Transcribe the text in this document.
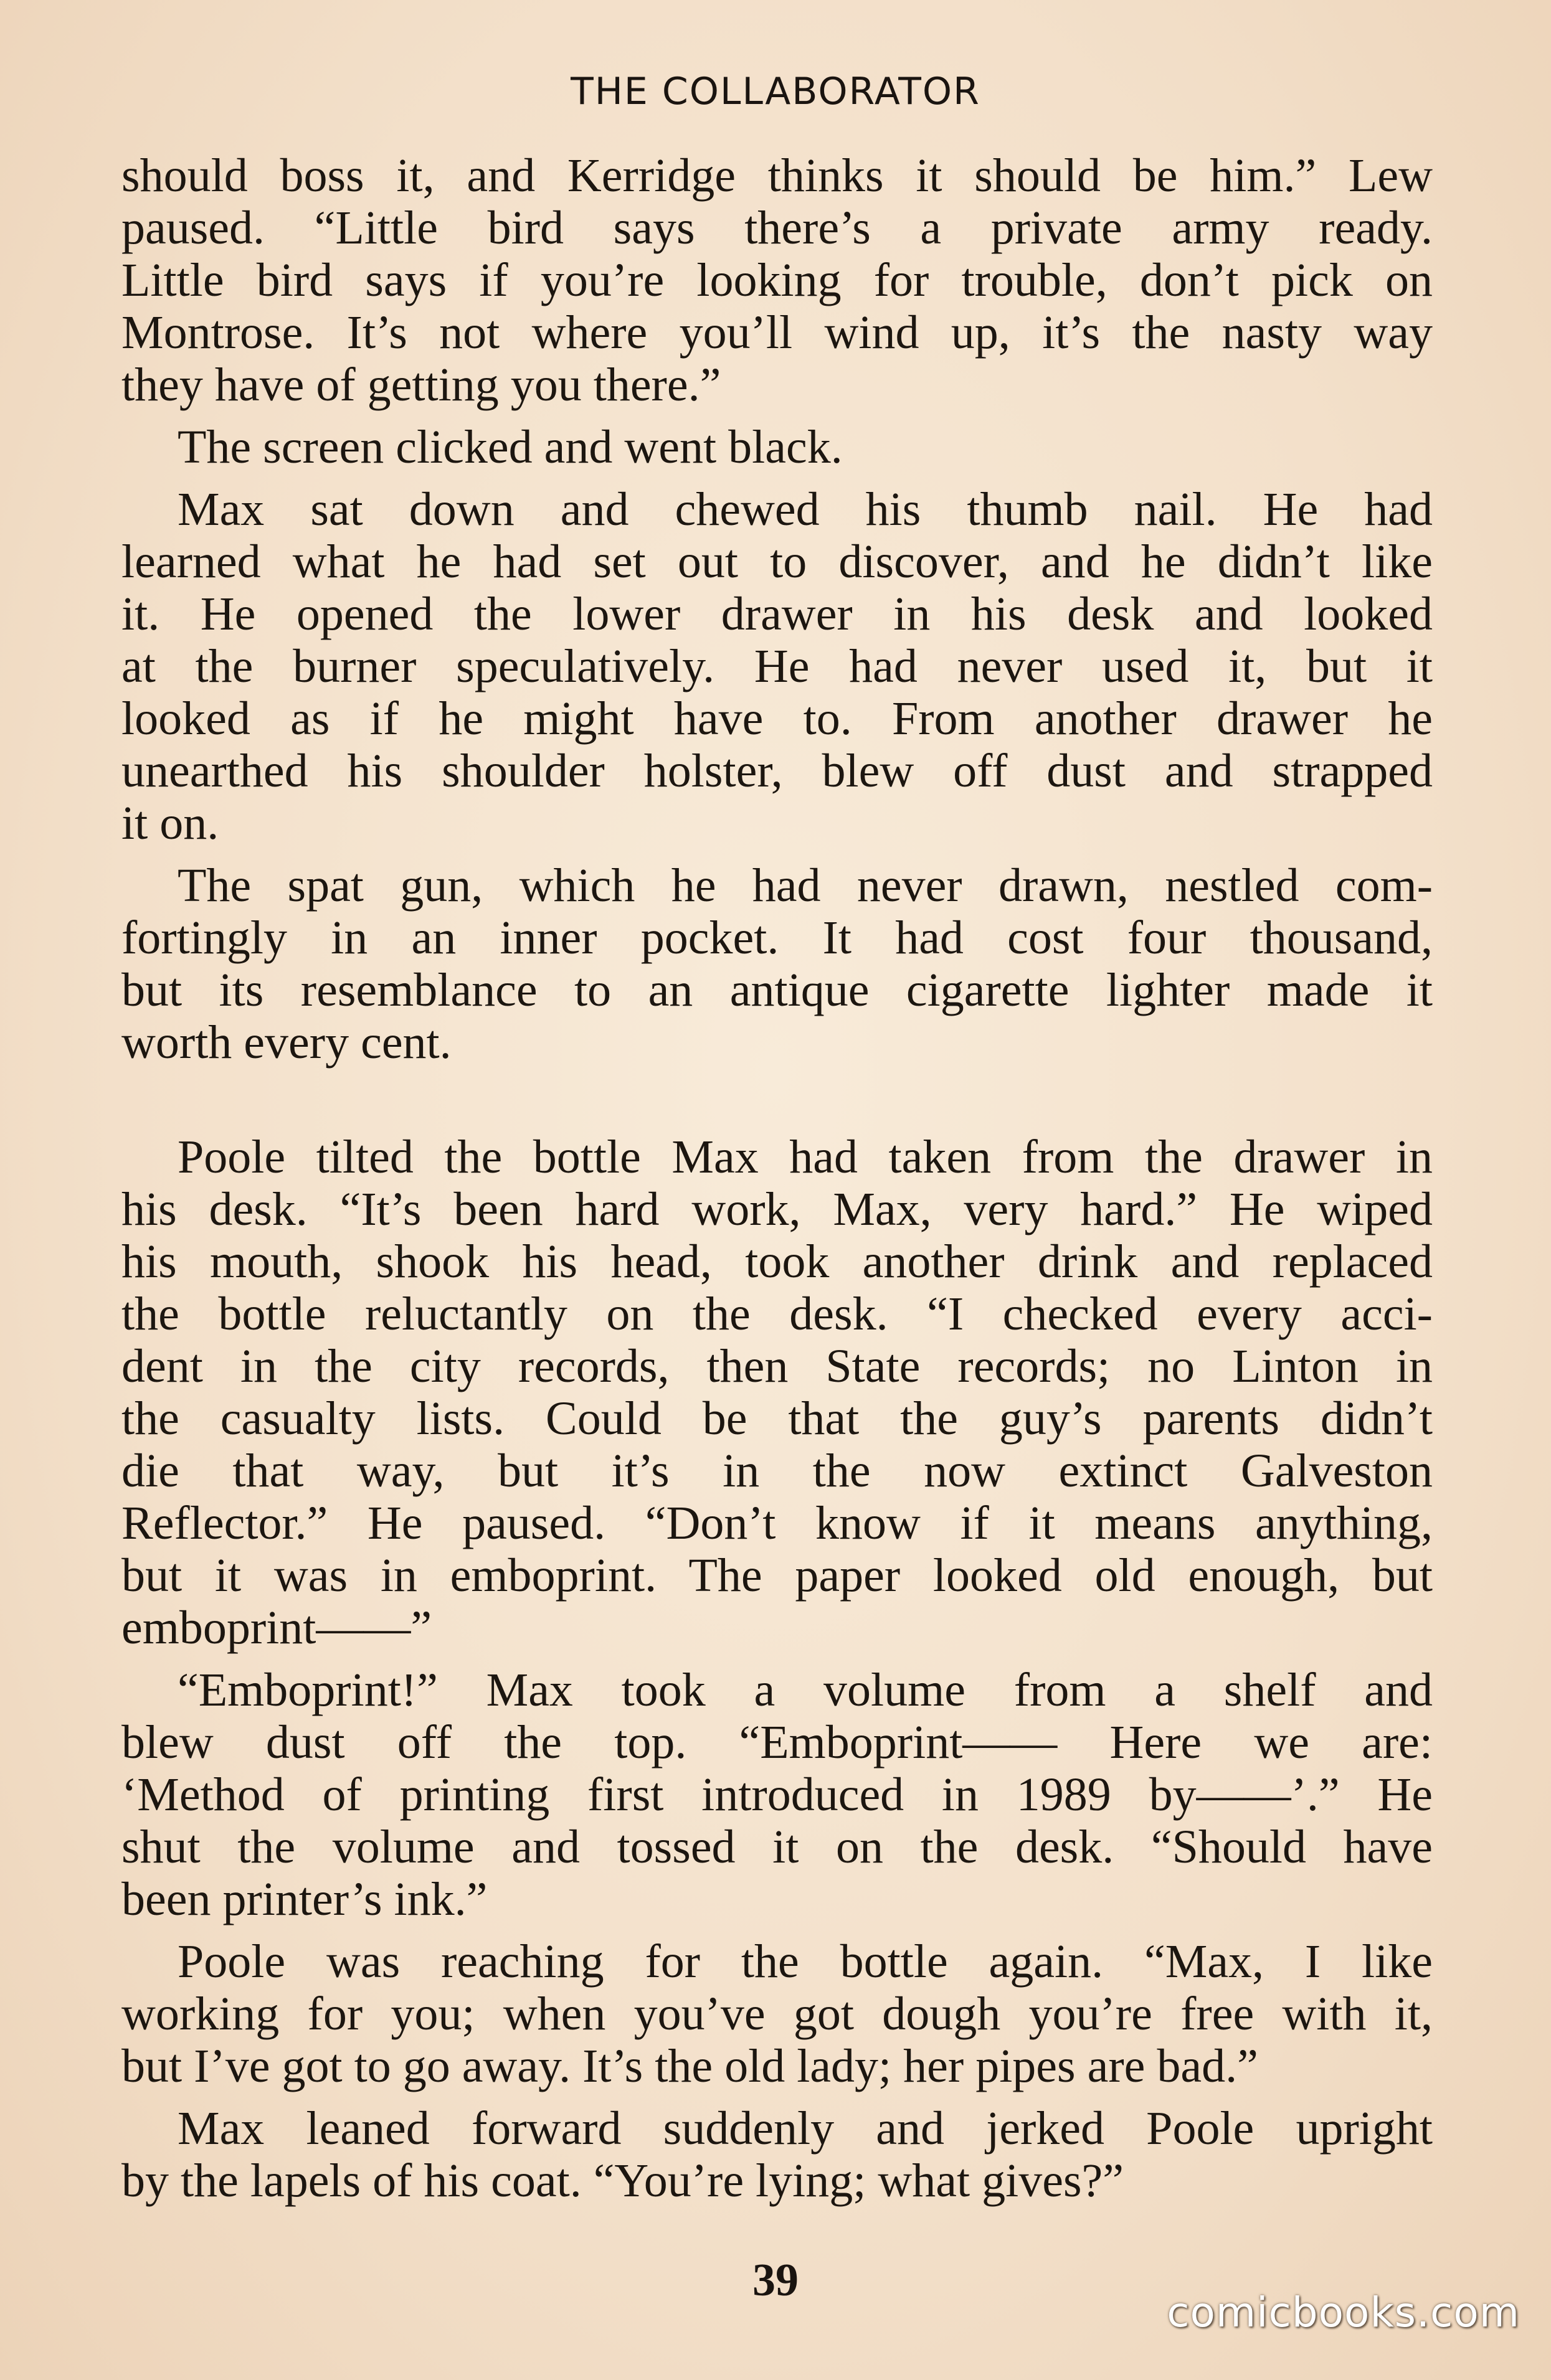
THE COLLABORATOR
should boss it, and Kerridge thinks it should be him.” Lew
paused. “Little bird says there’s a private army ready.
Little bird says if you’re looking for trouble, don’t pick on
Montrose. It’s not where you’ll wind up, it’s the nasty way
they have of getting you there.”
The screen clicked and went black.
Max sat down and chewed his thumb nail. He had
learned what he had set out to discover, and he didn’t like
it. He opened the lower drawer in his desk and looked
at the burner speculatively. He had never used it, but it
looked as if he might have to. From another drawer he
unearthed his shoulder holster, blew off dust and strapped
it on.
The spat gun, which he had never drawn, nestled com-
fortingly in an inner pocket. It had cost four thousand,
but its resemblance to an antique cigarette lighter made it
worth every cent.
Poole tilted the bottle Max had taken from the drawer in
his desk. “It’s been hard work, Max, very hard.” He wiped
his mouth, shook his head, took another drink and replaced
the bottle reluctantly on the desk. “I checked every acci-
dent in the city records, then State records; no Linton in
the casualty lists. Could be that the guy’s parents didn’t
die that way, but it’s in the now extinct Galveston
Reflector.” He paused. “Don’t know if it means anything,
but it was in emboprint. The paper looked old enough, but
emboprint——”
“Emboprint!” Max took a volume from a shelf and
blew dust off the top. “Emboprint—— Here we are:
‘Method of printing first introduced in 1989 by——’.” He
shut the volume and tossed it on the desk. “Should have
been printer’s ink.”
Poole was reaching for the bottle again. “Max, I like
working for you; when you’ve got dough you’re free with it,
but I’ve got to go away. It’s the old lady; her pipes are bad.”
Max leaned forward suddenly and jerked Poole upright
by the lapels of his coat. “You’re lying; what gives?”
39
comicbooks.com
